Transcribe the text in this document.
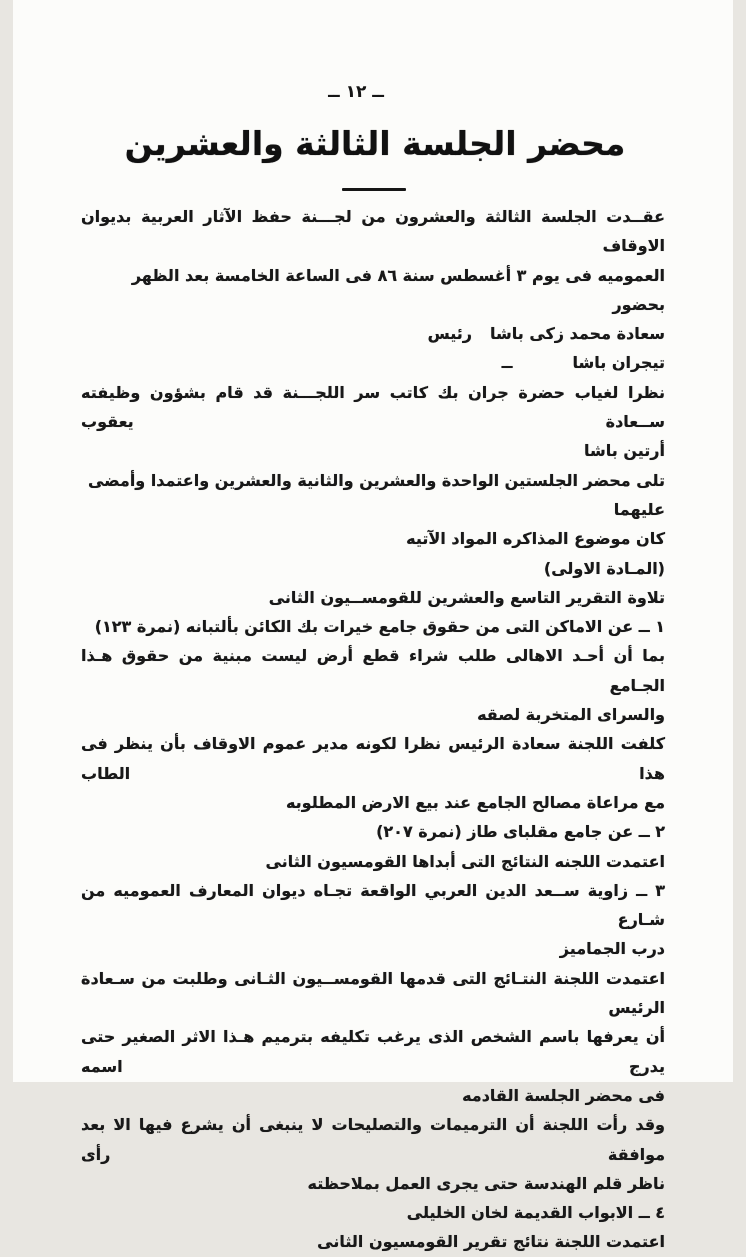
ــ ١٢ ــ
محضر الجلسة الثالثة والعشرين
عقــدت الجلسة الثالثة والعشرون من لجـــنة حفظ الآثار العربية بديوان الاوقاف
العموميه فى يوم ٣ أغسطس سنة ٨٦ فى الساعة الخامسة بعد الظهر بحضور
سعادة محمد زكى باشارئيس
تيجران باشاــ
نظرا لغياب حضرة جران بك كاتب سر اللجـــنة قد قام بشؤون وظيفته ســعادة يعقوب
أرتين باشا
تلى محضر الجلستين الواحدة والعشرين والثانية والعشرين واعتمدا وأمضى عليهما
كان موضوع المذاكره المواد الآتيه
(المـادة الاولى)
تلاوة التقرير التاسع والعشرين للقومســيون الثانى
١ ــ عن الاماكن التى من حقوق جامع خيرات بك الكائن بألتبانه (نمرة ١٢٣)
بما أن أحـد الاهالى طلب شراء قطع أرض ليست مبنية من حقوق هـذا الجـامع
والسراى المتخربة لصقه
كلفت اللجنة سعادة الرئيس نظرا لكونه مدير عموم الاوقاف بأن ينظر فى هذا الطاب
مع مراعاة مصالح الجامع عند بيع الارض المطلوبه
٢ ــ عن جامع مقلباى طاز (نمرة ٢٠٧)
اعتمدت اللجنه النتائج التى أبداها القومسيون الثانى
٣ ــ زاوية ســعد الدين العربي الواقعة تجـاه ديوان المعارف العموميه من شـارع
درب الجماميز
اعتمدت اللجنة النتـائج التى قدمها القومســيون الثـانى وطلبت من سـعادة الرئيس
أن يعرفها باسم الشخص الذى يرغب تكليفه بترميم هـذا الاثر الصغير حتى يدرج اسمه
فى محضر الجلسة القادمه
وقد رأت اللجنة أن الترميمات والتصليحات لا ينبغى أن يشرع فيها الا بعد موافقة رأى
ناظر قلم الهندسة حتى يجرى العمل بملاحظته
٤ ــ الابواب القديمة لخان الخليلى
اعتمدت اللجنة نتائج تقرير القومسيون الثانى
